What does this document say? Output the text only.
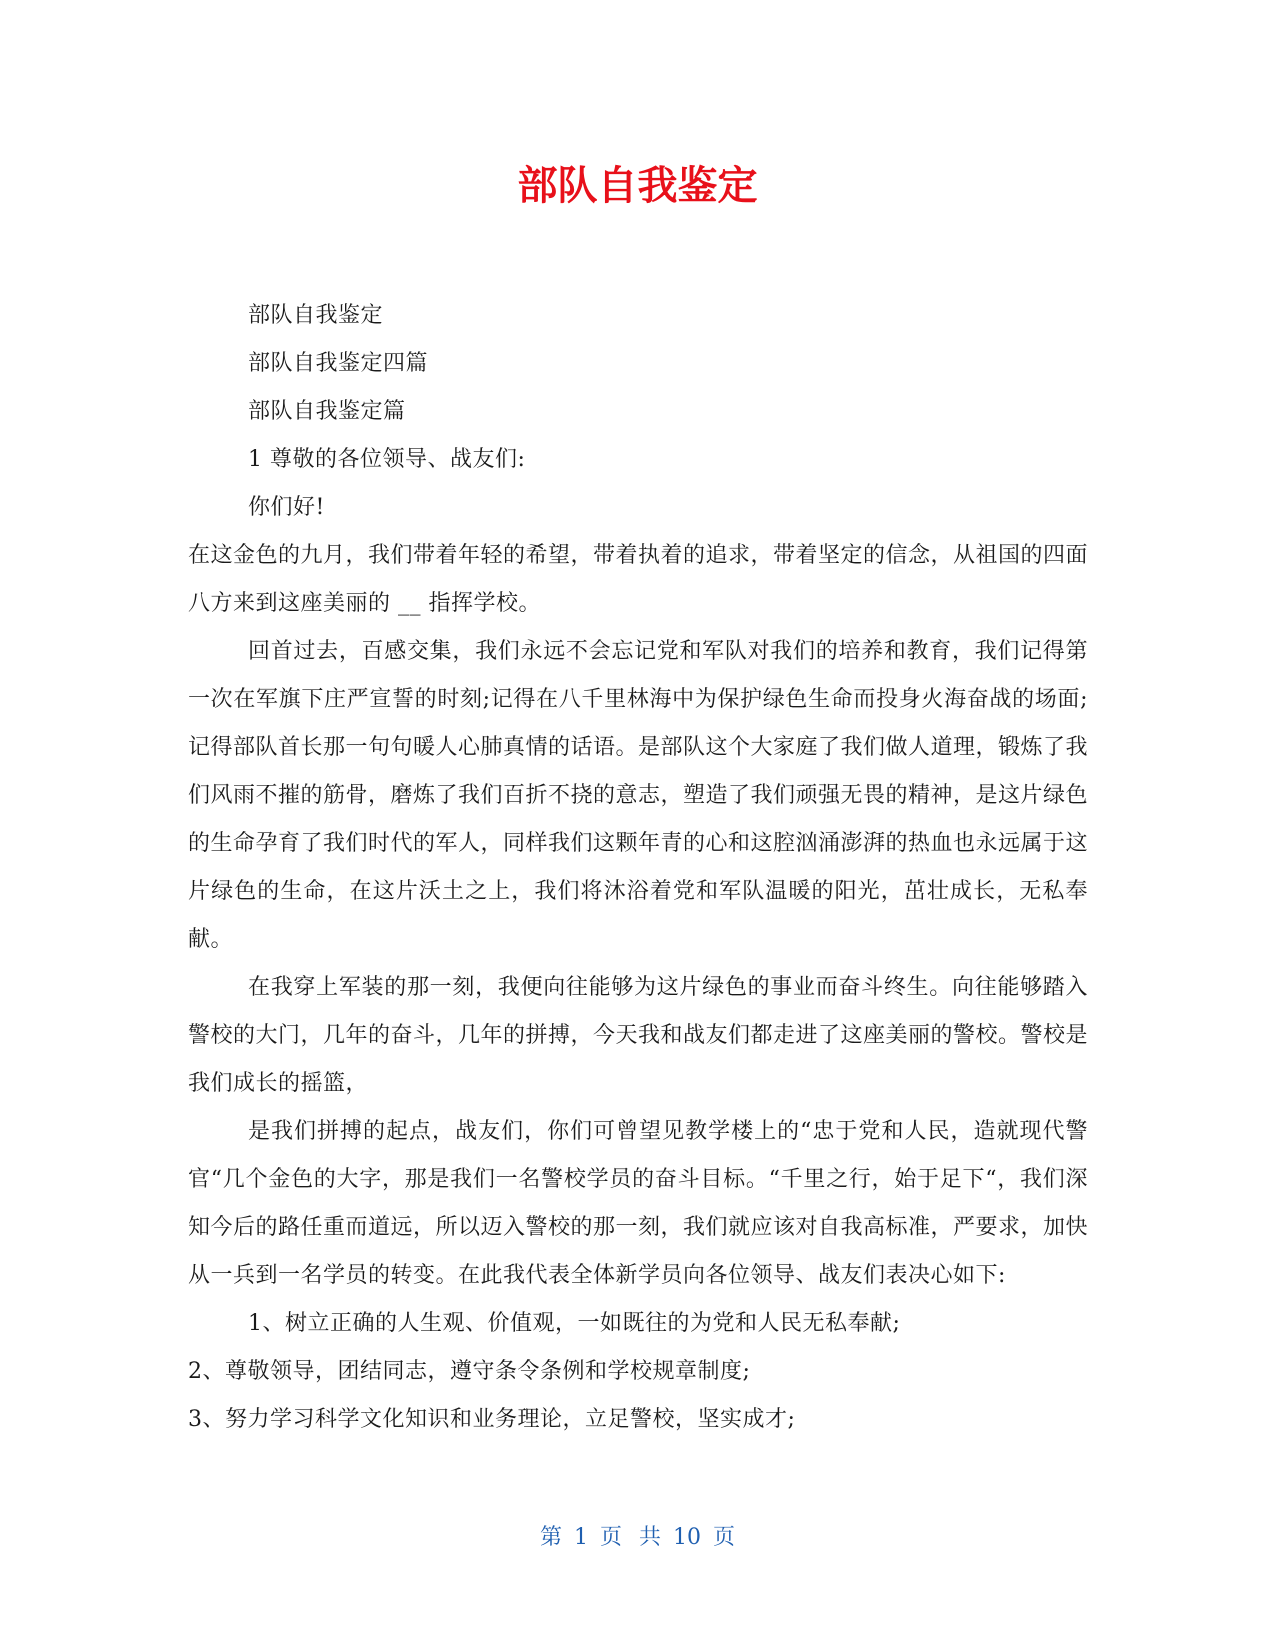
部队自我鉴定

部队自我鉴定

部队自我鉴定四篇

部队自我鉴定篇

1 尊敬的各位领导、战友们:

你们好!

在这金色的九月，我们带着年轻的希望，带着执着的追求，带着坚定的信念，从祖国的四面八方来到这座美丽的 __ 指挥学校。

回首过去，百感交集，我们永远不会忘记党和军队对我们的培养和教育，我们记得第一次在军旗下庄严宣誓的时刻;记得在八千里林海中为保护绿色生命而投身火海奋战的场面;记得部队首长那一句句暖人心肺真情的话语。是部队这个大家庭了我们做人道理，锻炼了我们风雨不摧的筋骨，磨炼了我们百折不挠的意志，塑造了我们顽强无畏的精神，是这片绿色的生命孕育了我们时代的军人，同样我们这颗年青的心和这腔汹涌澎湃的热血也永远属于这片绿色的生命，在这片沃土之上，我们将沐浴着党和军队温暖的阳光，茁壮成长，无私奉献。

在我穿上军装的那一刻，我便向往能够为这片绿色的事业而奋斗终生。向往能够踏入警校的大门，几年的奋斗，几年的拼搏，今天我和战友们都走进了这座美丽的警校。警校是我们成长的摇篮，

是我们拼搏的起点，战友们，你们可曾望见教学楼上的“忠于党和人民，造就现代警官“几个金色的大字，那是我们一名警校学员的奋斗目标。“千里之行，始于足下“，我们深知今后的路任重而道远，所以迈入警校的那一刻，我们就应该对自我高标准，严要求，加快从一兵到一名学员的转变。在此我代表全体新学员向各位领导、战友们表决心如下:

1、树立正确的人生观、价值观，一如既往的为党和人民无私奉献;

2、尊敬领导，团结同志，遵守条令条例和学校规章制度;

3、努力学习科学文化知识和业务理论，立足警校，坚实成才;

第 1 页 共 10 页
